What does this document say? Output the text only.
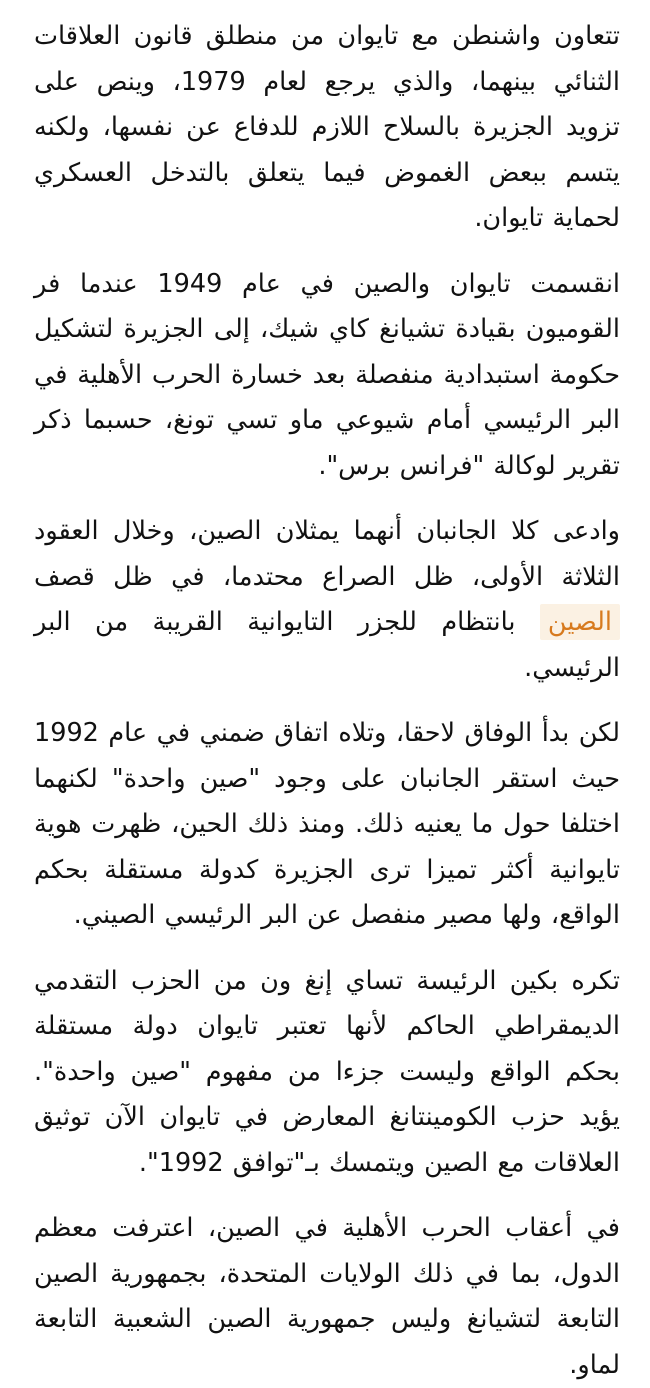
تتعاون واشنطن مع تايوان من منطلق قانون العلاقات الثنائي بينهما، والذي يرجع لعام 1979، وينص على تزويد الجزيرة بالسلاح اللازم للدفاع عن نفسها، ولكنه يتسم ببعض الغموض فيما يتعلق بالتدخل العسكري لحماية تايوان.

انقسمت تايوان والصين في عام 1949 عندما فر القوميون بقيادة تشيانغ كاي شيك، إلى الجزيرة لتشكيل حكومة استبدادية منفصلة بعد خسارة الحرب الأهلية في البر الرئيسي أمام شيوعي ماو تسي تونغ، حسبما ذكر تقرير لوكالة "فرانس برس".

وادعى كلا الجانبان أنهما يمثلان الصين، وخلال العقود الثلاثة الأولى، ظل الصراع محتدما، في ظل قصف الصين بانتظام للجزر التايوانية القريبة من البر الرئيسي.

لكن بدأ الوفاق لاحقا، وتلاه اتفاق ضمني في عام 1992 حيث استقر الجانبان على وجود "صين واحدة" لكنهما اختلفا حول ما يعنيه ذلك. ومنذ ذلك الحين، ظهرت هوية تايوانية أكثر تميزا ترى الجزيرة كدولة مستقلة بحكم الواقع، ولها مصير منفصل عن البر الرئيسي الصيني.

تكره بكين الرئيسة تساي إنغ ون من الحزب التقدمي الديمقراطي الحاكم لأنها تعتبر تايوان دولة مستقلة بحكم الواقع وليست جزءا من مفهوم "صين واحدة". يؤيد حزب الكومينتانغ المعارض في تايوان الآن توثيق العلاقات مع الصين ويتمسك بـ"توافق 1992".

في أعقاب الحرب الأهلية في الصين، اعترفت معظم الدول، بما في ذلك الولايات المتحدة، بجمهورية الصين التابعة لتشيانغ وليس جمهورية الصين الشعبية التابعة لماو.
